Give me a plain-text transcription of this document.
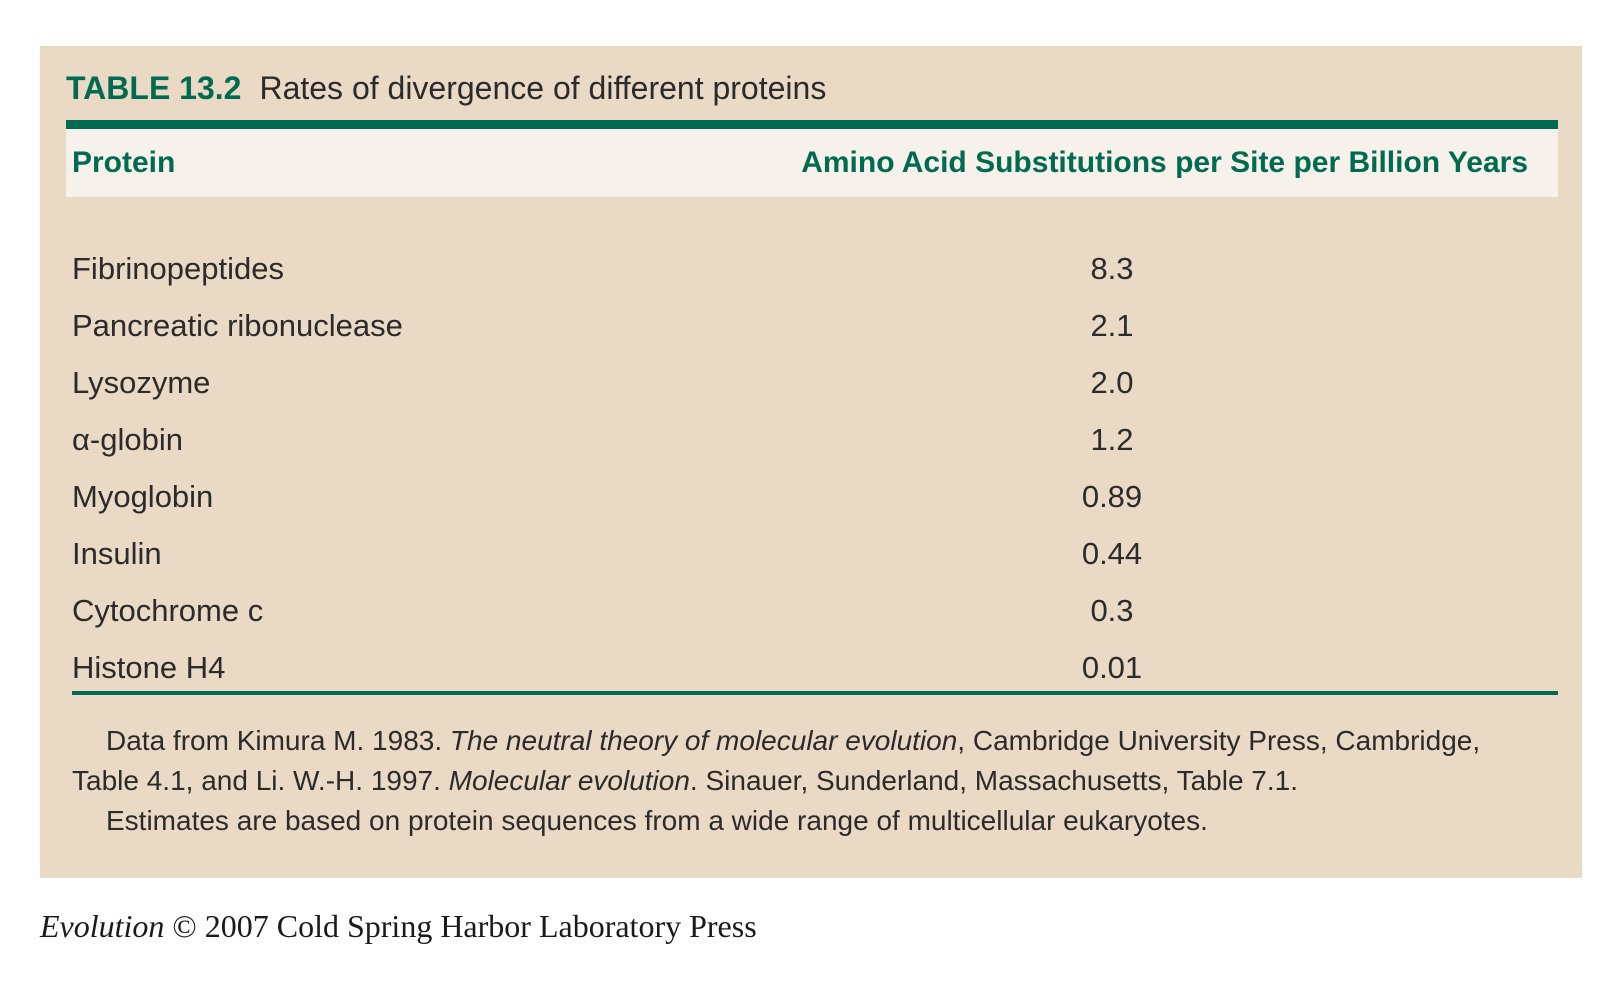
TABLE 13.2 Rates of divergence of different proteins
Protein	Amino Acid Substitutions per Site per Billion Years
Fibrinopeptides	8.3
Pancreatic ribonuclease	2.1
Lysozyme	2.0
α-globin	1.2
Myoglobin	0.89
Insulin	0.44
Cytochrome c	0.3
Histone H4	0.01

Data from Kimura M. 1983. The neutral theory of molecular evolution, Cambridge University Press, Cambridge, Table 4.1, and Li. W.-H. 1997. Molecular evolution. Sinauer, Sunderland, Massachusetts, Table 7.1.

Estimates are based on protein sequences from a wide range of multicellular eukaryotes.

Evolution © 2007 Cold Spring Harbor Laboratory Press
